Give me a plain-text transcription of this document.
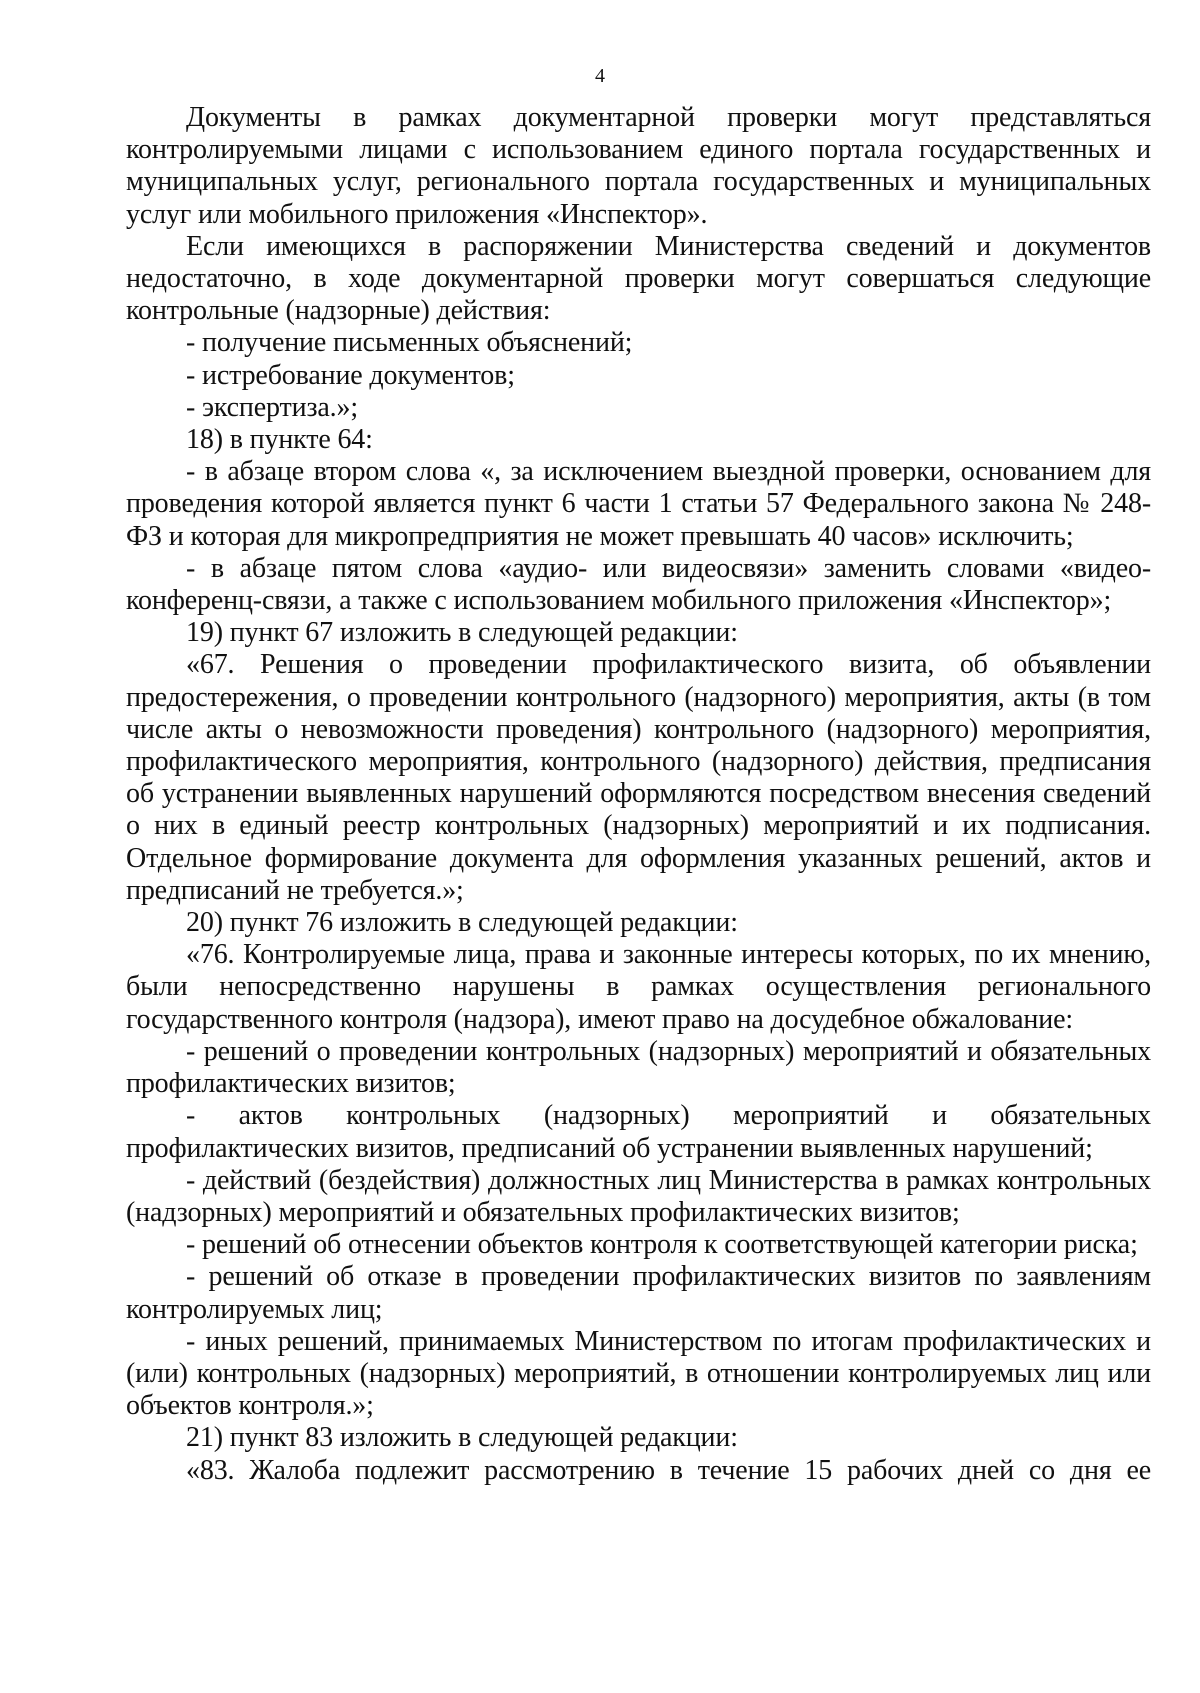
4

Документы в рамках документарной проверки могут представляться контролируемыми лицами с использованием единого портала государственных и муниципальных услуг, регионального портала государственных и муниципальных услуг или мобильного приложения «Инспектор».

Если имеющихся в распоряжении Министерства сведений и документов недостаточно, в ходе документарной проверки могут совершаться следующие контрольные (надзорные) действия:

- получение письменных объяснений;

- истребование документов;

- экспертиза.»;

18) в пункте 64:

- в абзаце втором слова «, за исключением выездной проверки, основанием для проведения которой является пункт 6 части 1 статьи 57 Федерального закона № 248-ФЗ и которая для микропредприятия не может превышать 40 часов» исключить;

- в абзаце пятом слова «аудио- или видеосвязи» заменить словами «видео-конференц-связи, а также с использованием мобильного приложения «Инспектор»;

19) пункт 67 изложить в следующей редакции:

«67. Решения о проведении профилактического визита, об объявлении предостережения, о проведении контрольного (надзорного) мероприятия, акты (в том числе акты о невозможности проведения) контрольного (надзорного) мероприятия, профилактического мероприятия, контрольного (надзорного) действия, предписания об устранении выявленных нарушений оформляются посредством внесения сведений о них в единый реестр контрольных (надзорных) мероприятий и их подписания. Отдельное формирование документа для оформления указанных решений, актов и предписаний не требуется.»;

20) пункт 76 изложить в следующей редакции:

«76. Контролируемые лица, права и законные интересы которых, по их мнению, были непосредственно нарушены в рамках осуществления регионального государственного контроля (надзора), имеют право на досудебное обжалование:

- решений о проведении контрольных (надзорных) мероприятий и обязательных профилактических визитов;

- актов контрольных (надзорных) мероприятий и обязательных профилактических визитов, предписаний об устранении выявленных нарушений;

- действий (бездействия) должностных лиц Министерства в рамках контрольных (надзорных) мероприятий и обязательных профилактических визитов;

- решений об отнесении объектов контроля к соответствующей категории риска;

- решений об отказе в проведении профилактических визитов по заявлениям контролируемых лиц;

- иных решений, принимаемых Министерством по итогам профилактических и (или) контрольных (надзорных) мероприятий, в отношении контролируемых лиц или объектов контроля.»;

21) пункт 83 изложить в следующей редакции:

«83. Жалоба подлежит рассмотрению в течение 15 рабочих дней со дня ее
